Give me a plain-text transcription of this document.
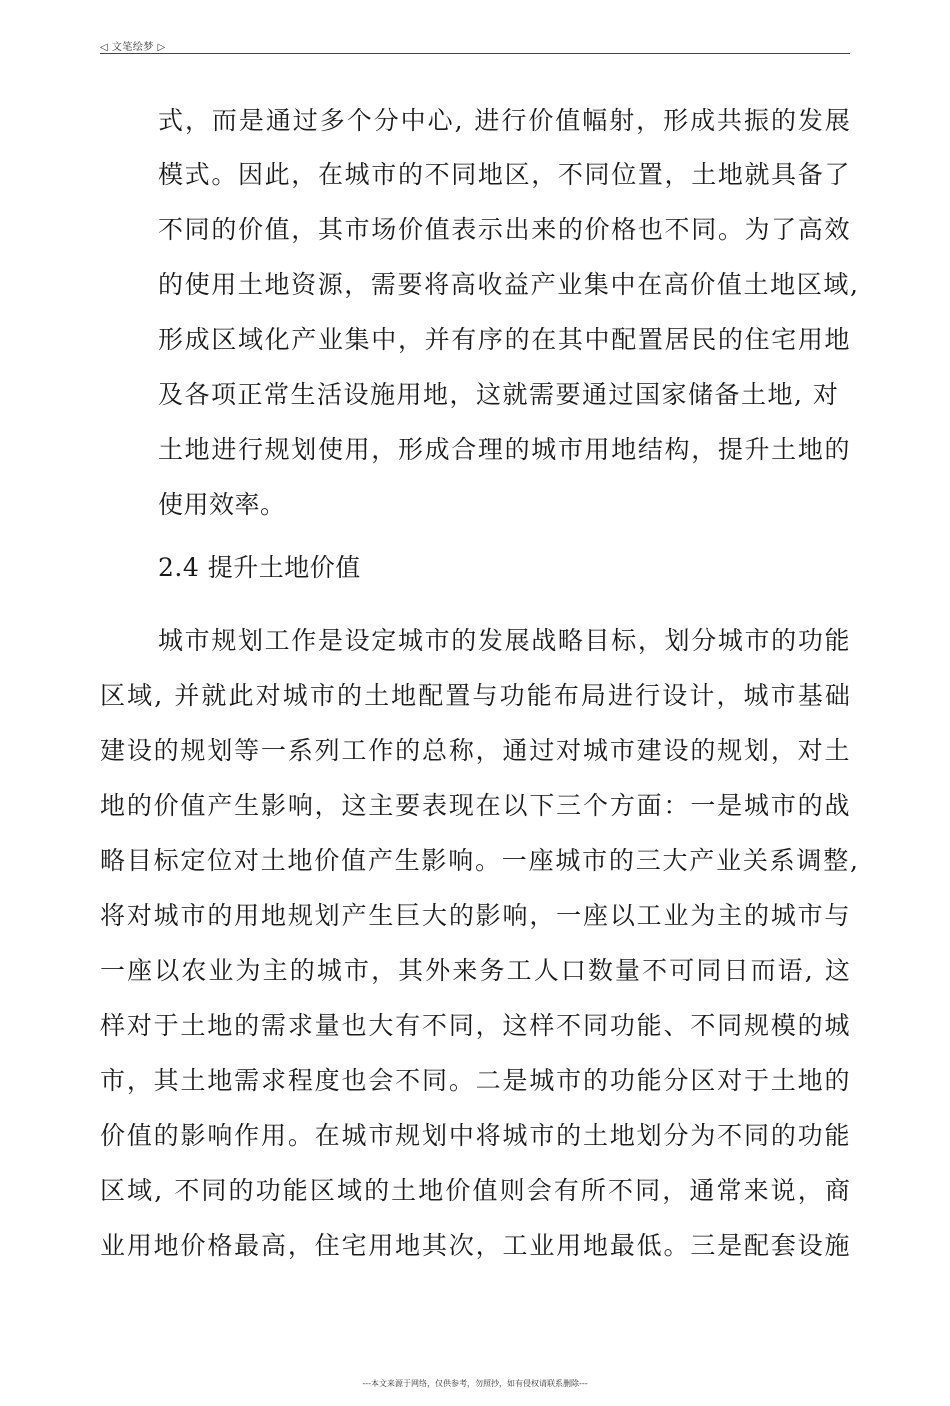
◁ 文笔绘梦 ▷
式，而是通过多个分中心, 进行价值幅射，形成共振的发展
模式。因此，在城市的不同地区，不同位置，土地就具备了
不同的价值，其市场价值表示出来的价格也不同。为了高效
的使用土地资源，需要将高收益产业集中在高价值土地区域,
形成区域化产业集中，并有序的在其中配置居民的住宅用地
及各项正常生活设施用地，这就需要通过国家储备土地, 对
土地进行规划使用，形成合理的城市用地结构，提升土地的
使用效率。
2.4 提升土地价值
城市规划工作是设定城市的发展战略目标，划分城市的功能
区域, 并就此对城市的土地配置与功能布局进行设计，城市基础
建设的规划等一系列工作的总称，通过对城市建设的规划，对土
地的价值产生影响，这主要表现在以下三个方面：一是城市的战
略目标定位对土地价值产生影响。一座城市的三大产业关系调整,
将对城市的用地规划产生巨大的影响，一座以工业为主的城市与
一座以农业为主的城市，其外来务工人口数量不可同日而语, 这
样对于土地的需求量也大有不同，这样不同功能、不同规模的城
市，其土地需求程度也会不同。二是城市的功能分区对于土地的
价值的影响作用。在城市规划中将城市的土地划分为不同的功能
区域, 不同的功能区域的土地价值则会有所不同，通常来说，商
业用地价格最高，住宅用地其次，工业用地最低。三是配套设施
---本文来源于网络，仅供参考，勿照抄，如有侵权请联系删除---
